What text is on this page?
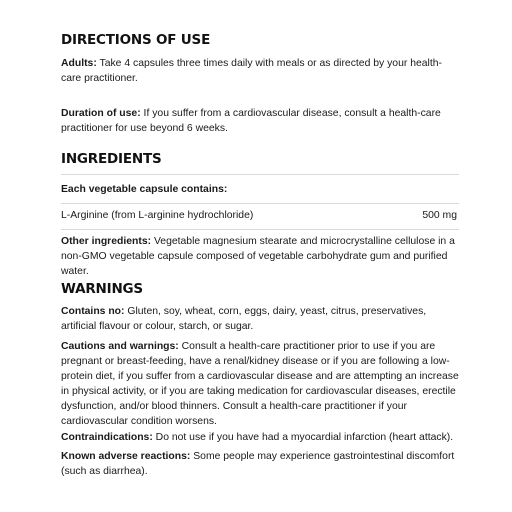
DIRECTIONS OF USE

Adults: Take 4 capsules three times daily with meals or as directed by your health-care practitioner.

Duration of use: If you suffer from a cardiovascular disease, consult a health-care practitioner for use beyond 6 weeks.

INGREDIENTS

Each vegetable capsule contains:

L-Arginine (from L-arginine hydrochloride)	500 mg

Other ingredients: Vegetable magnesium stearate and microcrystalline cellulose in a non-GMO vegetable capsule composed of vegetable carbohydrate gum and purified water.

WARNINGS

Contains no: Gluten, soy, wheat, corn, eggs, dairy, yeast, citrus, preservatives, artificial flavour or colour, starch, or sugar.

Cautions and warnings: Consult a health-care practitioner prior to use if you are pregnant or breast-feeding, have a renal/kidney disease or if you are following a low-protein diet, if you suffer from a cardiovascular disease and are attempting an increase in physical activity, or if you are taking medication for cardiovascular diseases, erectile dysfunction, and/or blood thinners. Consult a health-care practitioner if your cardiovascular condition worsens.

Contraindications: Do not use if you have had a myocardial infarction (heart attack).

Known adverse reactions: Some people may experience gastrointestinal discomfort (such as diarrhea).
